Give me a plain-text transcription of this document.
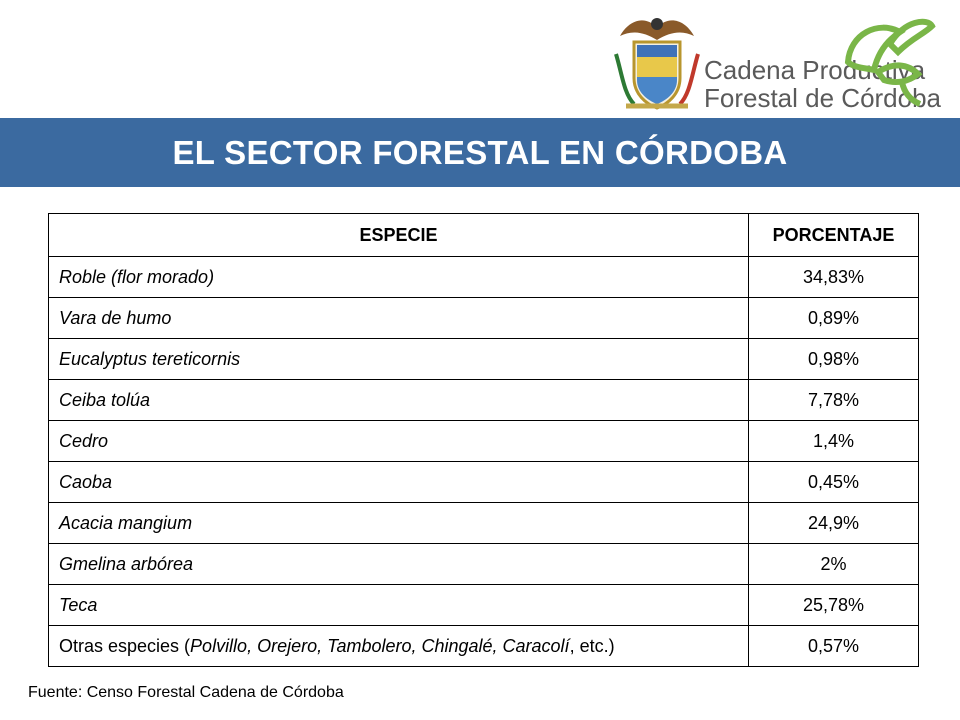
Cadena Productiva
Forestal de Córdoba
EL SECTOR FORESTAL EN CÓRDOBA
ESPECIE	PORCENTAJE
Roble (flor morado)	34,83%
Vara de humo	0,89%
Eucalyptus tereticornis	0,98%
Ceiba tolúa	7,78%
Cedro	1,4%
Caoba	0,45%
Acacia mangium	24,9%
Gmelina arbórea	2%
Teca	25,78%
Otras especies (Polvillo, Orejero, Tambolero, Chingalé, Caracolí, etc.)	0,57%
Fuente: Censo Forestal Cadena de Córdoba
